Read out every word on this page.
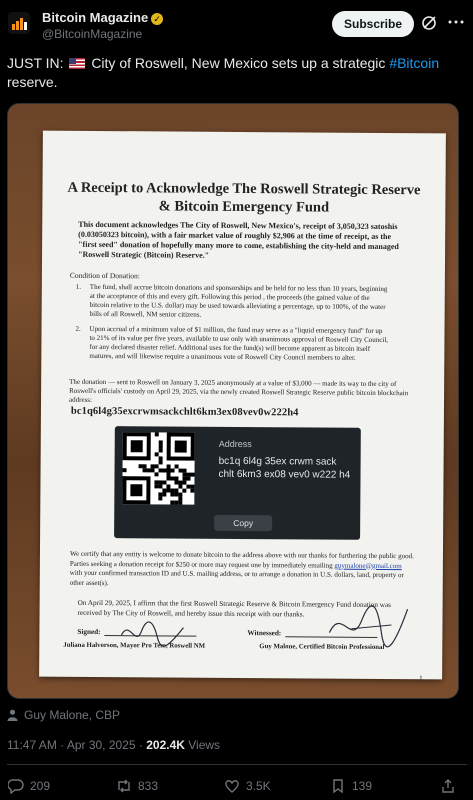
Bitcoin Magazine ✓
@BitcoinMagazine
Subscribe
JUST IN: City of Roswell, New Mexico sets up a strategic #Bitcoin
reserve.
A Receipt to Acknowledge The Roswell Strategic Reserve & Bitcoin Emergency Fund
This document acknowledges The City of Roswell, New Mexico's, receipt of 3,050,323 satoshis (0.03050323 bitcoin), with a fair market value of roughly $2,906 at the time of receipt, as the "first seed" donation of hopefully many more to come, establishing the city-held and managed "Roswell Strategic (Bitcoin) Reserve."
Condition of Donation:
1. The fund, shall accrue bitcoin donations and sponsorships and be held for no less than 10 years, beginning at the acceptance of this and every gift. Following this period , the proceeds (the gained value of the bitcoin relative to the U.S. dollar) may be used towards alleviating a percentage, up to 100%, of the water bills of all Roswell, NM senior citizens.
2. Upon accrual of a minimum value of $1 million, the fund may serve as a "liquid emergency fund" for up to 21% of its value per five years, available to use only with unanimous approval of Roswell City Council, for any declared disaster relief. Additional uses for the fund(s) will become apparent as bitcoin itself matures, and will likewise require a unanimous vote of Roswell City Council members to alter.
The donation — sent to Roswell on January 3, 2025 anonymously at a value of $3,000 — made its way to the city of Roswell's officials' custody on April 29, 2025, via the newly created Roswell Strategic Reserve public bitcoin blockchain address:
bc1q6l4g35excrwmsackchlt6km3ex08vev0w222h4
Address
bc1q 6l4g 35ex crwm sack chlt 6km3 ex08 vev0 w222 h4
Copy
We certify that any entity is welcome to donate bitcoin to the address above with our thanks for furthering the public good. Parties seeking a donation receipt for $250 or more may request one by immediately emailing guymalone@gmail.com with your confirmed transaction ID and U.S. mailing address, or to arrange a donation in U.S. dollars, land, property or other asset(s).
On April 29, 2025, I affirm that the first Roswell Strategic Reserve & Bitcoin Emergency Fund donation was received by The City of Roswell, and hereby issue this receipt with our thanks.
Signed:	Witnessed:
Juliana Halvorson, Mayor Pro Tem, Roswell NM	Guy Malone, Certified Bitcoin Professional
1
Guy Malone, CBP
11:47 AM · Apr 30, 2025 · 202.4K Views
209	833	3.5K	139
